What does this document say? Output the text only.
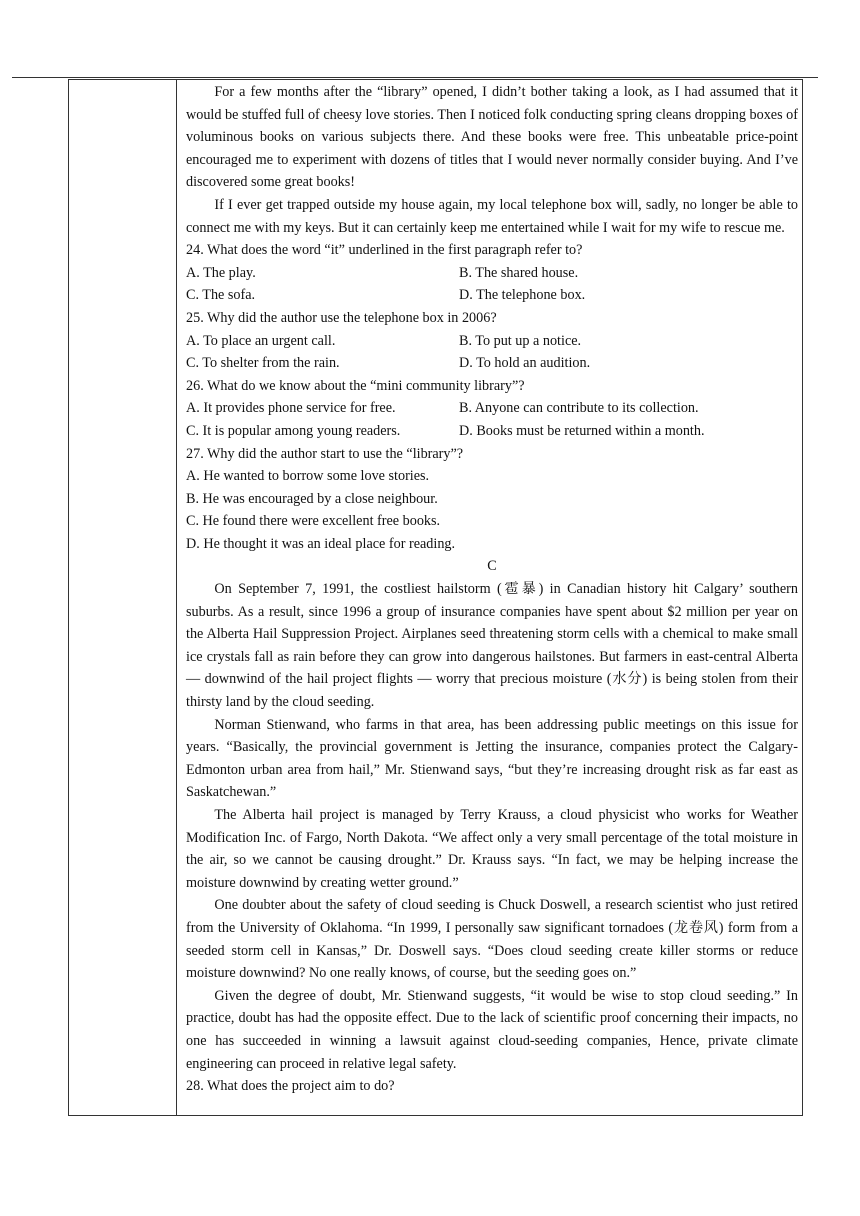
For a few months after the “library” opened, I didn’t bother taking a look, as I had assumed that it would be stuffed full of cheesy love stories. Then I noticed folk conducting spring cleans dropping boxes of voluminous books on various subjects there. And these books were free. This unbeatable price-point encouraged me to experiment with dozens of titles that I would never normally consider buying. And I’ve discovered some great books!

If I ever get trapped outside my house again, my local telephone box will, sadly, no longer be able to connect me with my keys. But it can certainly keep me entertained while I wait for my wife to rescue me.

24. What does the word “it” underlined in the first paragraph refer to?

A. The play.	B. The shared house.
C. The sofa.	D. The telephone box.

25. Why did the author use the telephone box in 2006?

A. To place an urgent call.	B. To put up a notice.
C. To shelter from the rain.	D. To hold an audition.

26. What do we know about the “mini community library”?

A. It provides phone service for free.	B. Anyone can contribute to its collection.
C. It is popular among young readers.	D. Books must be returned within a month.

27. Why did the author start to use the “library”?

A. He wanted to borrow some love stories.

B. He was encouraged by a close neighbour.

C. He found there were excellent free books.

D. He thought it was an ideal place for reading.

C

On September 7, 1991, the costliest hailstorm (雹暴) in Canadian history hit Calgary’ southern suburbs. As a result, since 1996 a group of insurance companies have spent about $2 million per year on the Alberta Hail Suppression Project. Airplanes seed threatening storm cells with a chemical to make small ice crystals fall as rain before they can grow into dangerous hailstones. But farmers in east-central Alberta — downwind of the hail project flights — worry that precious moisture (水分) is being stolen from their thirsty land by the cloud seeding.

Norman Stienwand, who farms in that area, has been addressing public meetings on this issue for years. “Basically, the provincial government is Jetting the insurance, companies protect the Calgary-Edmonton urban area from hail,” Mr. Stienwand says, “but they’re increasing drought risk as far east as Saskatchewan.”

The Alberta hail project is managed by Terry Krauss, a cloud physicist who works for Weather Modification Inc. of Fargo, North Dakota. “We affect only a very small percentage of the total moisture in the air, so we cannot be causing drought.” Dr. Krauss says. “In fact, we may be helping increase the moisture downwind by creating wetter ground.”

One doubter about the safety of cloud seeding is Chuck Doswell, a research scientist who just retired from the University of Oklahoma. “In 1999, I personally saw significant tornadoes (龙卷风) form from a seeded storm cell in Kansas,” Dr. Doswell says. “Does cloud seeding create killer storms or reduce moisture downwind? No one really knows, of course, but the seeding goes on.”

Given the degree of doubt, Mr. Stienwand suggests, “it would be wise to stop cloud seeding.” In practice, doubt has had the opposite effect. Due to the lack of scientific proof concerning their impacts, no one has succeeded in winning a lawsuit against cloud-seeding companies, Hence, private climate engineering can proceed in relative legal safety.

28. What does the project aim to do?
